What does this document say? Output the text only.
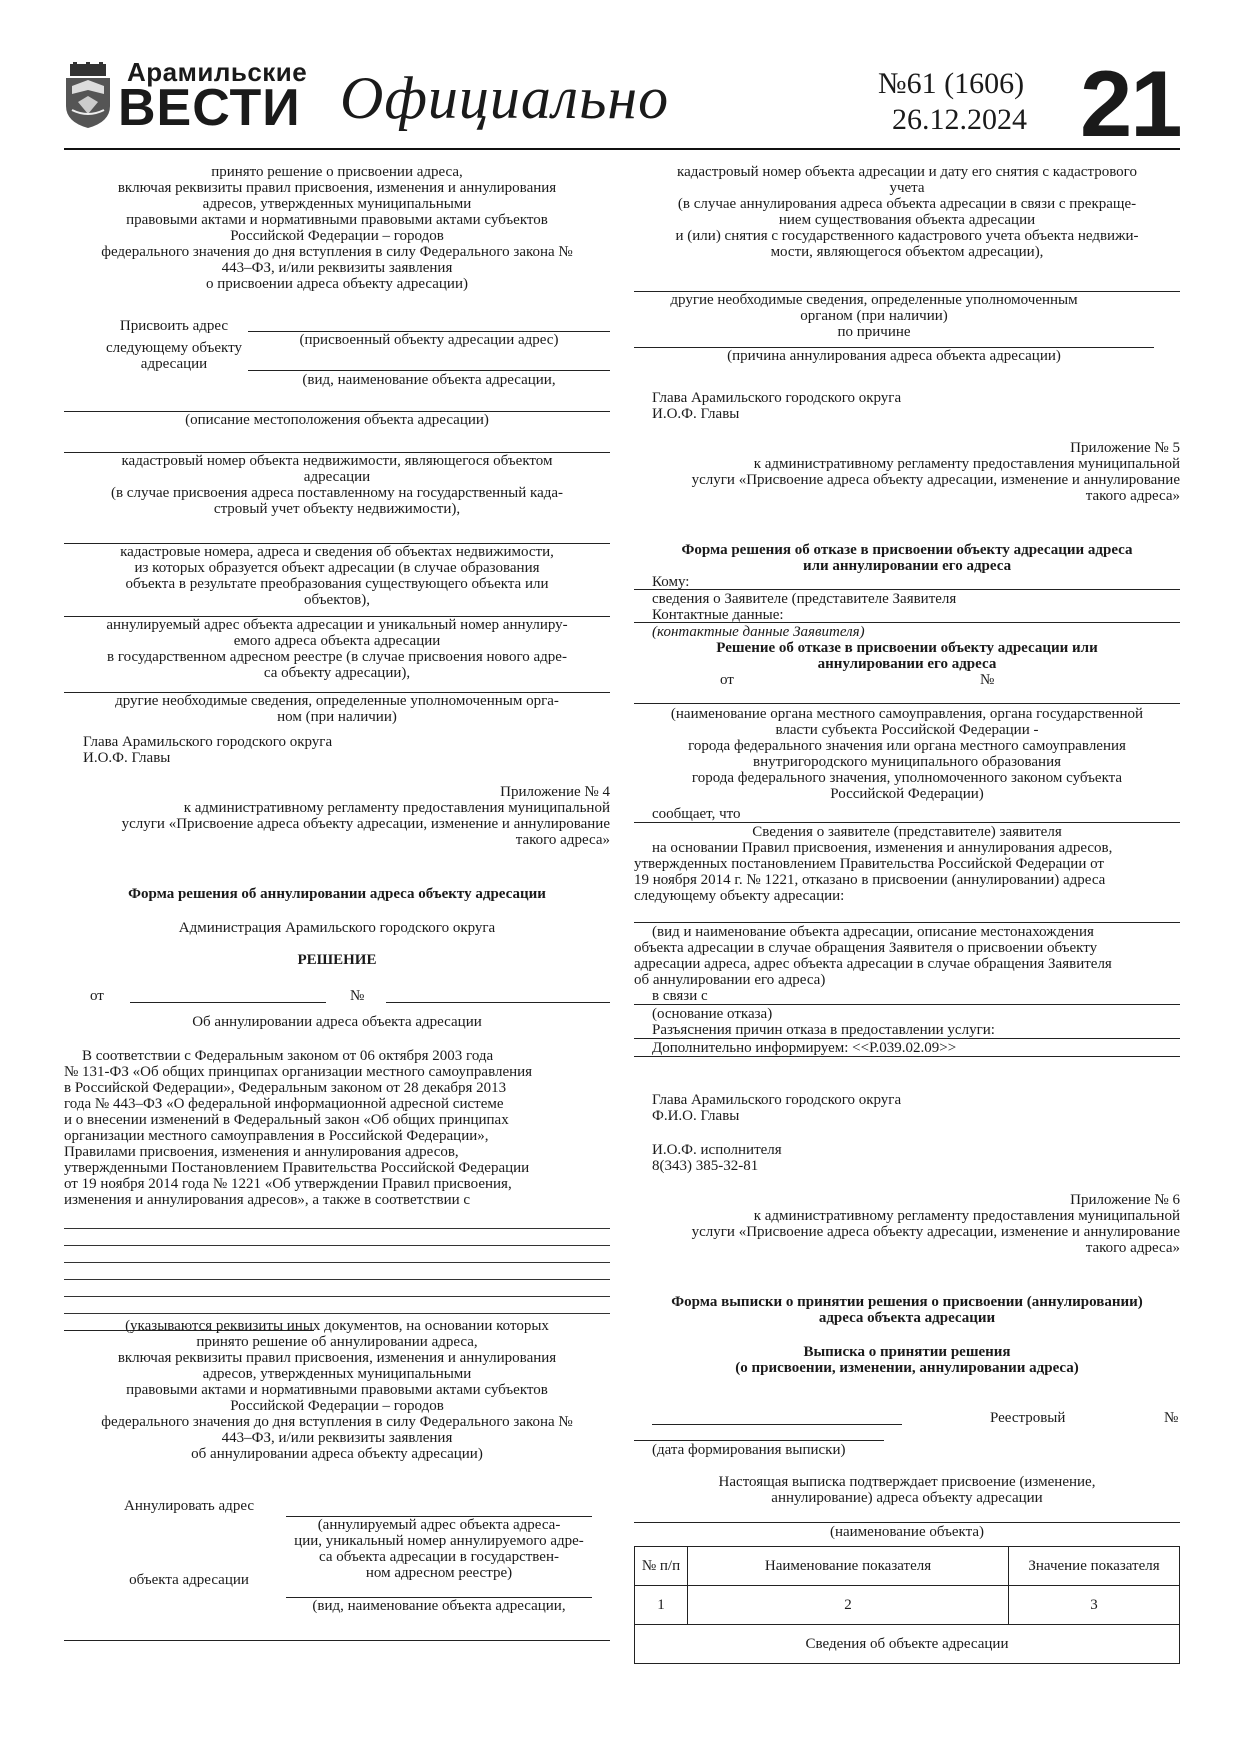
Арамильские
ВЕСТИ Официально	№61 (1606)
26.12.2024 21
принято решение о присвоении адреса,
включая реквизиты правил присвоения, изменения и аннулирования
адресов, утвержденных муниципальными
правовыми актами и нормативными правовыми актами субъектов
Российской Федерации – городов
федерального значения до дня вступления в силу Федерального закона №
443–ФЗ, и/или реквизиты заявления
о присвоении адреса объекту адресации)
Присвоить адрес
следующему объекту
адресации
(присвоенный объекту адресации адрес)
(вид, наименование объекта адресации,
(описание местоположения объекта адресации)
кадастровый номер объекта недвижимости, являющегося объектом
адресации
(в случае присвоения адреса поставленному на государственный када-
стровый учет объекту недвижимости),
кадастровые номера, адреса и сведения об объектах недвижимости,
из которых образуется объект адресации (в случае образования
объекта в результате преобразования существующего объекта или
объектов),
аннулируемый адрес объекта адресации и уникальный номер аннулиру-
емого адреса объекта адресации
в государственном адресном реестре (в случае присвоения нового адре-
са объекту адресации),
другие необходимые сведения, определенные уполномоченным орга-
ном (при наличии)
Глава Арамильского городского округа
И.О.Ф. Главы
Приложение № 4
к административному регламенту предоставления муниципальной
услуги «Присвоение адреса объекту адресации, изменение и аннулирование
такого адреса»
Форма решения об аннулировании адреса объекту адресации
Администрация Арамильского городского округа
РЕШЕНИЕ
от	№
Об аннулировании адреса объекта адресации
В соответствии с Федеральным законом от 06 октября 2003 года
№ 131-ФЗ «Об общих принципах организации местного самоуправления
в Российской Федерации», Федеральным законом от 28 декабря 2013
года № 443–ФЗ «О федеральной информационной адресной системе
и о внесении изменений в Федеральный закон «Об общих принципах
организации местного самоуправления в Российской Федерации»,
Правилами присвоения, изменения и аннулирования адресов,
утвержденными Постановлением Правительства Российской Федерации
от 19 ноября 2014 года № 1221 «Об утверждении Правил присвоения,
изменения и аннулирования адресов», а также в соответствии с
(указываются реквизиты иных документов, на основании которых
принято решение об аннулировании адреса,
включая реквизиты правил присвоения, изменения и аннулирования
адресов, утвержденных муниципальными
правовыми актами и нормативными правовыми актами субъектов
Российской Федерации – городов
федерального значения до дня вступления в силу Федерального закона №
443–ФЗ, и/или реквизиты заявления
об аннулировании адреса объекту адресации)
Аннулировать адрес
объекта адресации
(аннулируемый адрес объекта адреса-
ции, уникальный номер аннулируемого адре-
са объекта адресации в государствен-
ном адресном реестре)
(вид, наименование объекта адресации,
кадастровый номер объекта адресации и дату его снятия с кадастрового
учета
(в случае аннулирования адреса объекта адресации в связи с прекраще-
нием существования объекта адресации
и (или) снятия с государственного кадастрового учета объекта недвижи-
мости, являющегося объектом адресации),
другие необходимые сведения, определенные уполномоченным
органом (при наличии)
по причине
(причина аннулирования адреса объекта адресации)
Глава Арамильского городского округа
И.О.Ф. Главы
Приложение № 5
к административному регламенту предоставления муниципальной
услуги «Присвоение адреса объекту адресации, изменение и аннулирование
такого адреса»
Форма решения об отказе в присвоении объекту адресации адреса
или аннулировании его адреса
Кому:
сведения о Заявителе (представителе Заявителя
Контактные данные:
(контактные данные Заявителя)
Решение об отказе в присвоении объекту адресации или
аннулировании его адреса
от	№
(наименование органа местного самоуправления, органа государственной
власти субъекта Российской Федерации -
города федерального значения или органа местного самоуправления
внутригородского муниципального образования
города федерального значения, уполномоченного законом субъекта
Российской Федерации)
сообщает, что
Сведения о заявителе (представителе) заявителя
на основании Правил присвоения, изменения и аннулирования адресов,
утвержденных постановлением Правительства Российской Федерации от
19 ноября 2014 г. № 1221, отказано в присвоении (аннулировании) адреса
следующему объекту адресации:
(вид и наименование объекта адресации, описание местонахождения
объекта адресации в случае обращения Заявителя о присвоении объекту
адресации адреса, адрес объекта адресации в случае обращения Заявителя
об аннулировании его адреса)
в связи с
(основание отказа)
Разъяснения причин отказа в предоставлении услуги:
Дополнительно информируем: <<Р.039.02.09>>
Глава Арамильского городского округа
Ф.И.О. Главы
И.О.Ф. исполнителя
8(343) 385-32-81
Приложение № 6
к административному регламенту предоставления муниципальной
услуги «Присвоение адреса объекту адресации, изменение и аннулирование
такого адреса»
Форма выписки о принятии решения о присвоении (аннулировании)
адреса объекта адресации
Выписка о принятии решения
(о присвоении, изменении, аннулировании адреса)
Реестровый	№
(дата формирования выписки)
Настоящая выписка подтверждает присвоение (изменение,
аннулирование) адреса объекту адресации
(наименование объекта)
№ п/п	Наименование показателя	Значение показателя
1	2	3
Сведения об объекте адресации		
